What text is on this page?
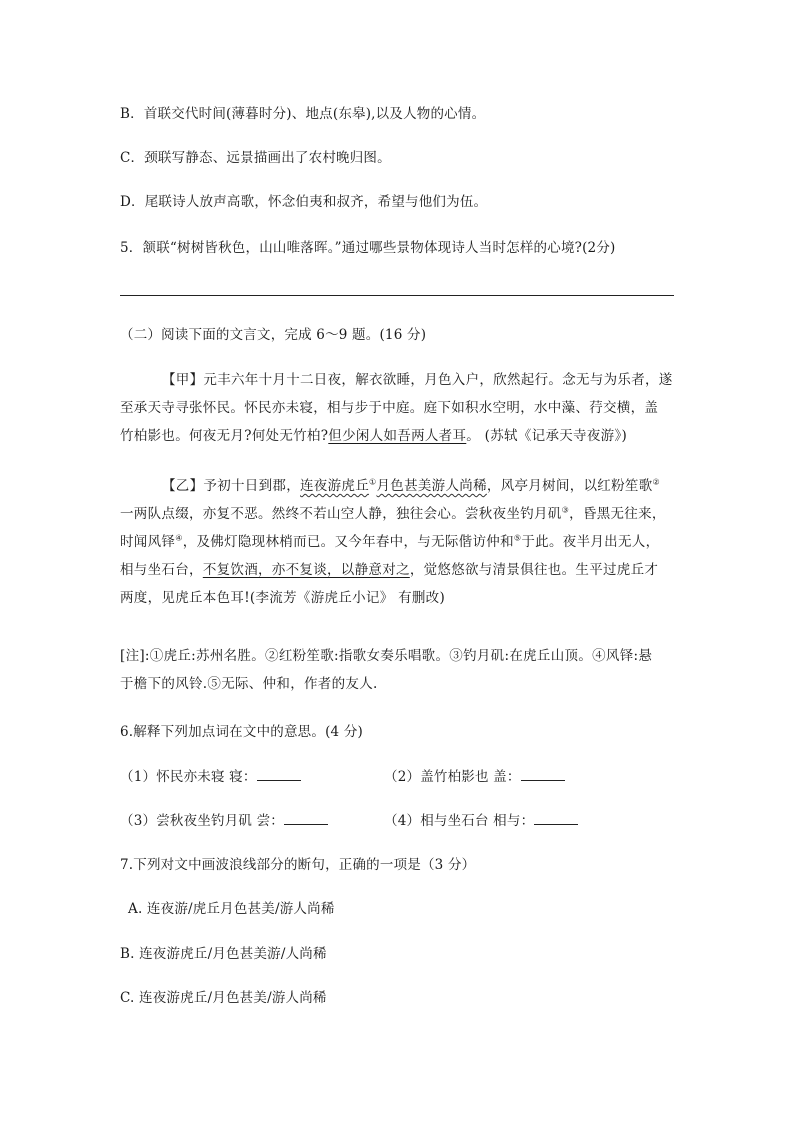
B．首联交代时间(薄暮时分)、地点(东皋),以及人物的心情。
C．颈联写静态、远景描画出了农村晚归图。
D．尾联诗人放声高歌，怀念伯夷和叔齐，希望与他们为伍。
5．颔联“树树皆秋色，山山唯落晖。”通过哪些景物体现诗人当时怎样的心境?(2分)
（二）阅读下面的文言文，完成 6～9 题。(16 分)
【甲】元丰六年十月十二日夜，解衣欲睡，月色入户，欣然起行。念无与为乐者，遂
至承天寺寻张怀民。怀民亦未寝，相与步于中庭。庭下如积水空明，水中藻、荇交横，盖
竹柏影也。何夜无月?何处无竹柏?但少闲人如吾两人者耳。 (苏轼《记承天寺夜游》)
【乙】予初十日到郡，连夜游虎丘①月色甚美游人尚稀，风亭月树间，以红粉笙歌②
一两队点缀，亦复不恶。然终不若山空人静，独往会心。尝秋夜坐钓月矶③，昏黑无往来，
时闻风铎④，及佛灯隐现林梢而已。又今年春中，与无际偕访仲和⑤于此。夜半月出无人，
相与坐石台，不复饮酒，亦不复谈，以静意对之，觉悠悠欲与清景俱往也。生平过虎丘才
两度，见虎丘本色耳!(李流芳《游虎丘小记》 有删改)
[注]:①虎丘:苏州名胜。②红粉笙歌:指歌女奏乐唱歌。③钓月矶:在虎丘山顶。④风铎:悬
于檐下的风铃.⑤无际、仲和，作者的友人.
6.解释下列加点词在文中的意思。(4 分)
（1）怀民亦未寝 寝：	（2）盖竹柏影也 盖：
（3）尝秋夜坐钓月矶 尝：	（4）相与坐石台 相与：
7.下列对文中画波浪线部分的断句，正确的一项是（3 分）
A. 连夜游/虎丘月色甚美/游人尚稀
B. 连夜游虎丘/月色甚美游/人尚稀
C. 连夜游虎丘/月色甚美/游人尚稀
